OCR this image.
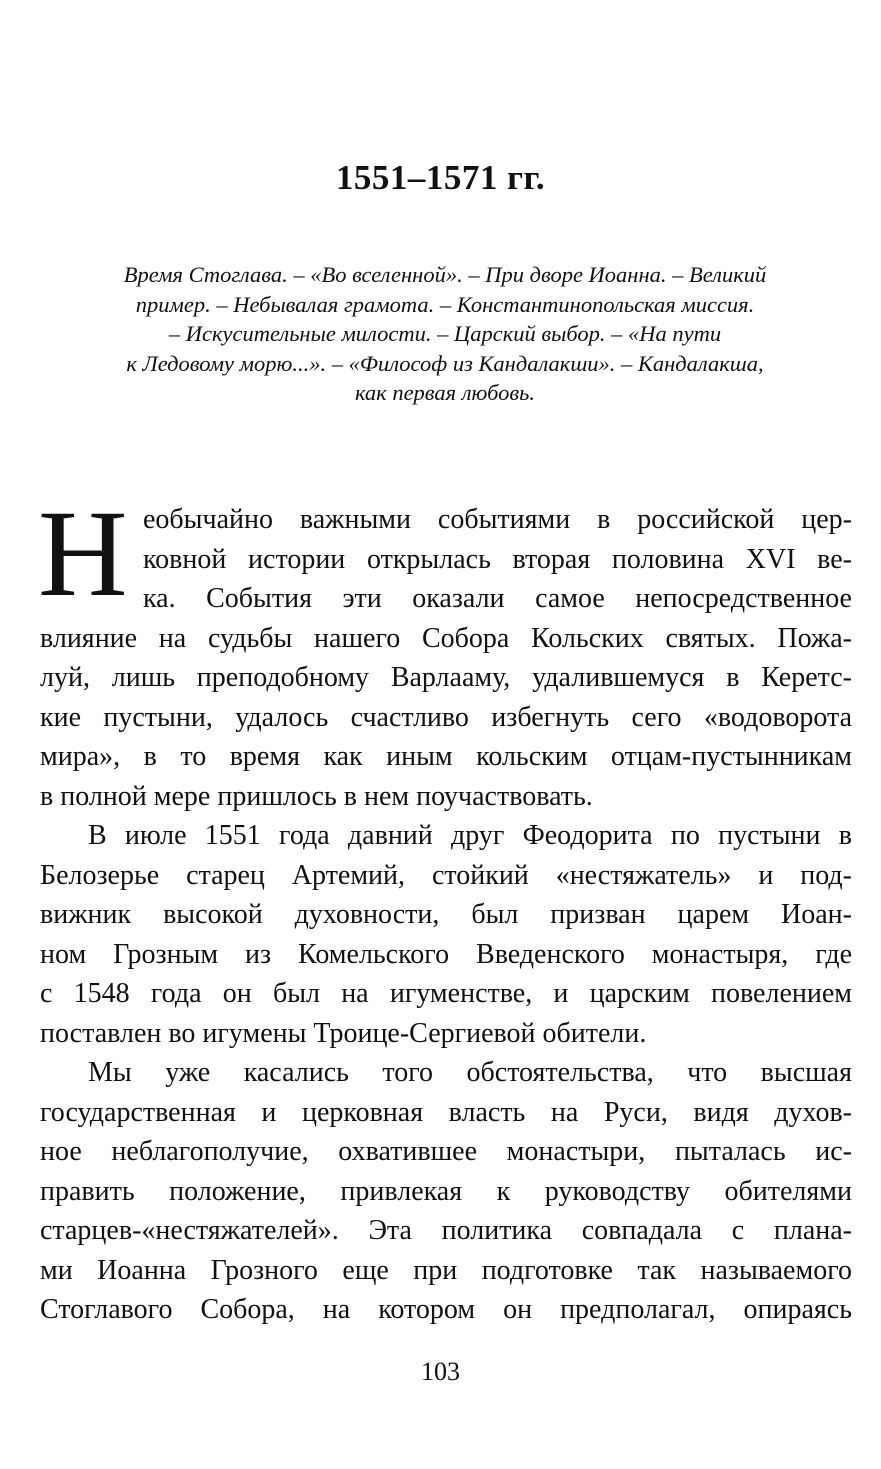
1551–1571 гг.
Время Стоглава. – «Во вселенной». – При дворе Иоанна. – Великий
пример. – Небывалая грамота. – Константинопольская миссия.
– Искусительные милости. – Царский выбор. – «На пути
к Ледовому морю...». – «Философ из Кандалакши». – Кандалакша,
как первая любовь.
Н еобычайно важными событиями в российской цер-
ковной истории открылась вторая половина XVI ве-
ка. События эти оказали самое непосредственное
влияние на судьбы нашего Собора Кольских святых. Пожа-
луй, лишь преподобному Варлааму, удалившемуся в Керетс-
кие пустыни, удалось счастливо избегнуть сего «водоворота
мира», в то время как иным кольским отцам-пустынникам
в полной мере пришлось в нем поучаствовать.
В июле 1551 года давний друг Феодорита по пустыни в
Белозерье старец Артемий, стойкий «нестяжатель» и под-
вижник высокой духовности, был призван царем Иоан-
ном Грозным из Комельского Введенского монастыря, где
с 1548 года он был на игуменстве, и царским повелением
поставлен во игумены Троице-Сергиевой обители.
Мы уже касались того обстоятельства, что высшая
государственная и церковная власть на Руси, видя духов-
ное неблагополучие, охватившее монастыри, пыталась ис-
править положение, привлекая к руководству обителями
старцев-«нестяжателей». Эта политика совпадала с плана-
ми Иоанна Грозного еще при подготовке так называемого
Стоглавого Собора, на котором он предполагал, опираясь
103
